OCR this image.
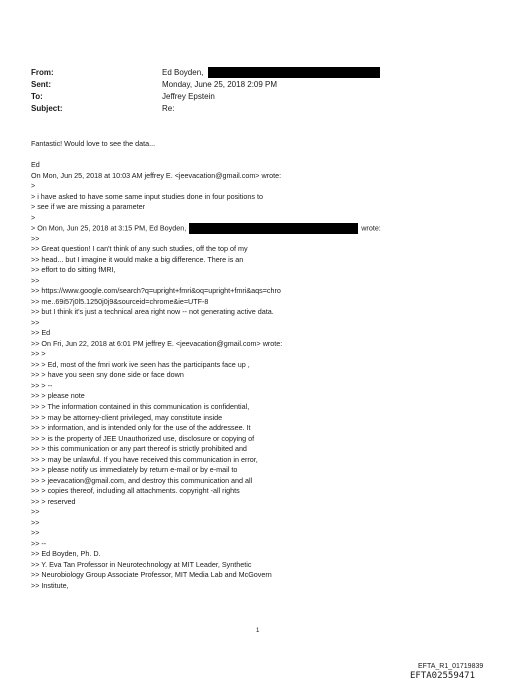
From:	Ed Boyden,
Sent:	Monday, June 25, 2018 2:09 PM
To:	Jeffrey Epstein
Subject:	Re:
Fantastic! Would love to see the data...
Ed
On Mon, Jun 25, 2018 at 10:03 AM jeffrey E. <jeevacation@gmail.com> wrote:
>
> i have asked to have some same input studies done in four positions to
> see if we are missing a parameter
>
> On Mon, Jun 25, 2018 at 3:15 PM, Ed Boyden,	wrote:
>>
>> Great question! I can't think of any such studies, off the top of my
>> head... but I imagine it would make a big difference. There is an
>> effort to do sitting fMRI,
>>
>> https://www.google.com/search?q=upright+fmri&oq=upright+fmri&aqs=chro
>> me..69i57j0l5.1250j0j9&sourceid=chrome&ie=UTF-8
>> but I think it's just a technical area right now -- not generating active data.
>>
>> Ed
>> On Fri, Jun 22, 2018 at 6:01 PM jeffrey E. <jeevacation@gmail.com> wrote:
>> >
>> > Ed, most of the fmri work ive seen has the participants face up ,
>> > have you seen sny done side or face down
>> > --
>> > please note
>> > The information contained in this communication is confidential,
>> > may be attorney-client privileged, may constitute inside
>> > information, and is intended only for the use of the addressee. It
>> > is the property of JEE Unauthorized use, disclosure or copying of
>> > this communication or any part thereof is strictly prohibited and
>> > may be unlawful. If you have received this communication in error,
>> > please notify us immediately by return e-mail or by e-mail to
>> > jeevacation@gmail.com, and destroy this communication and all
>> > copies thereof, including all attachments. copyright -all rights
>> > reserved
>>
>>
>>
>> --
>> Ed Boyden, Ph. D.
>> Y. Eva Tan Professor in Neurotechnology at MIT Leader, Synthetic
>> Neurobiology Group Associate Professor, MIT Media Lab and McGovern
>> Institute,
1
EFTA_R1_01719839
EFTA02559471
